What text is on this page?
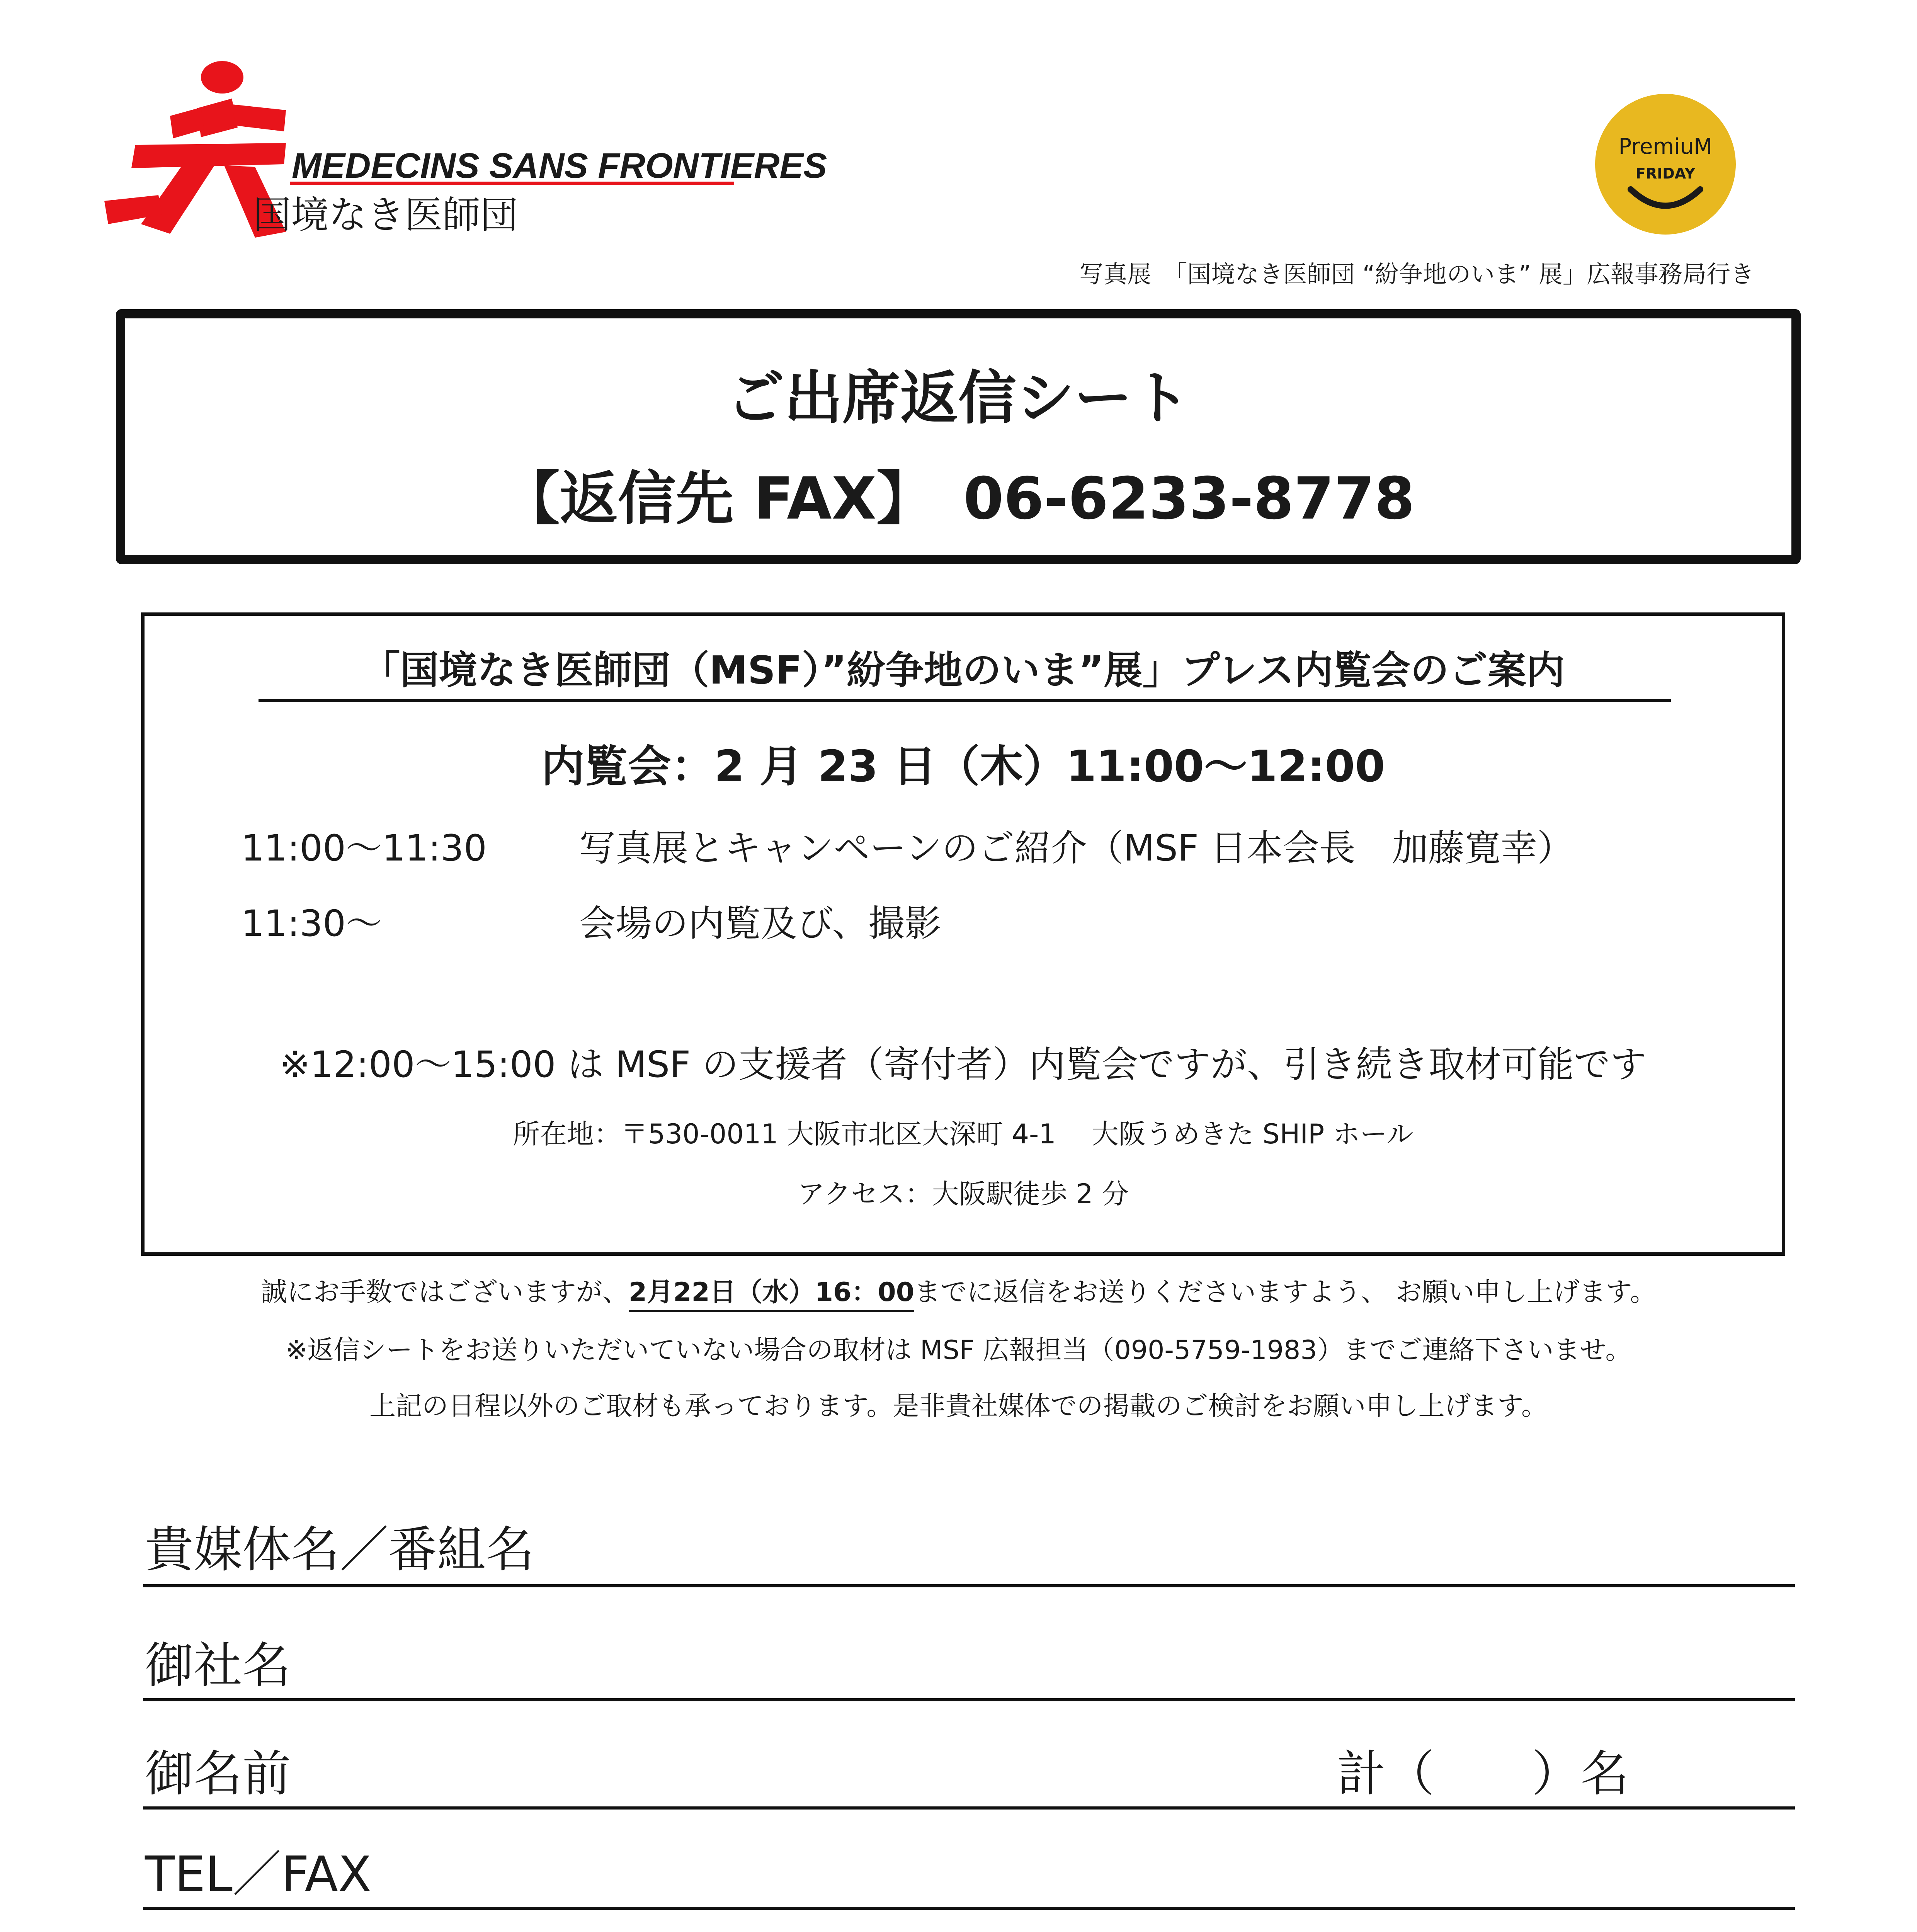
MEDECINS SANS FRONTIERES
国境なき医師団
PremiuM
FRIDAY
写真展　「国境なき医師団 “紛争地のいま” 展」広報事務局行き
ご出席返信シート
【返信先 FAX】　06-6233-8778
「国境なき医師団（MSF）”紛争地のいま”展」プレス内覧会のご案内
内覧会：2 月 23 日（木）11:00～12:00
11:00～11:30	写真展とキャンペーンのご紹介（MSF 日本会長　加藤寛幸）
11:30～	会場の内覧及び、撮影
※12:00～15:00 は MSF の支援者（寄付者）内覧会ですが、引き続き取材可能です
所在地：〒530-0011 大阪市北区大深町 4-1　 大阪うめきた SHIP ホール
アクセス：大阪駅徒歩 2 分
誠にお手数ではございますが、2月22日（水）16：00までに返信をお送りくださいますよう、 お願い申し上げます。
※返信シートをお送りいただいていない場合の取材は MSF 広報担当（090-5759-1983）までご連絡下さいませ。
上記の日程以外のご取材も承っております。是非貴社媒体での掲載のご検討をお願い申し上げます。
貴媒体名／番組名
御社名
御名前	計（　　）名
TEL／FAX
